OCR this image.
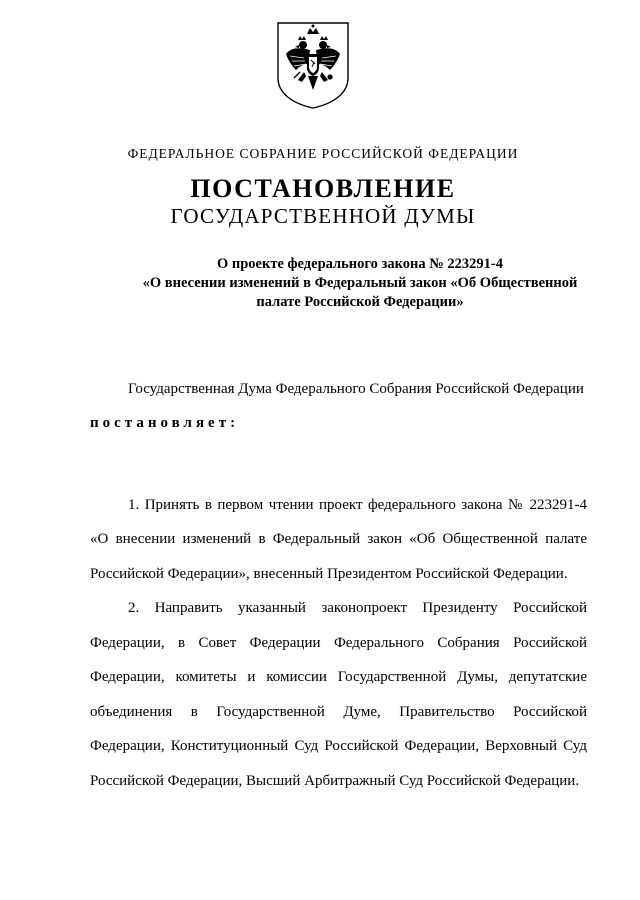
ФЕДЕРАЛЬНОЕ СОБРАНИЕ РОССИЙСКОЙ ФЕДЕРАЦИИ
ПОСТАНОВЛЕНИЕ
ГОСУДАРСТВЕННОЙ ДУМЫ
О проекте федерального закона № 223291-4
«О внесении изменений в Федеральный закон «Об Общественной
палате Российской Федерации»
Государственная Дума Федерального Собрания Российской Федерации
постановляет:
1. Принять в первом чтении проект федерального закона № 223291-4
«О внесении изменений в Федеральный закон «Об Общественной палате
Российской Федерации», внесенный Президентом Российской Федерации.
2. Направить указанный законопроект Президенту Российской
Федерации, в Совет Федерации Федерального Собрания Российской
Федерации, комитеты и комиссии Государственной Думы, депутатские
объединения в Государственной Думе, Правительство Российской
Федерации, Конституционный Суд Российской Федерации, Верховный Суд
Российской Федерации, Высший Арбитражный Суд Российской Федерации.
